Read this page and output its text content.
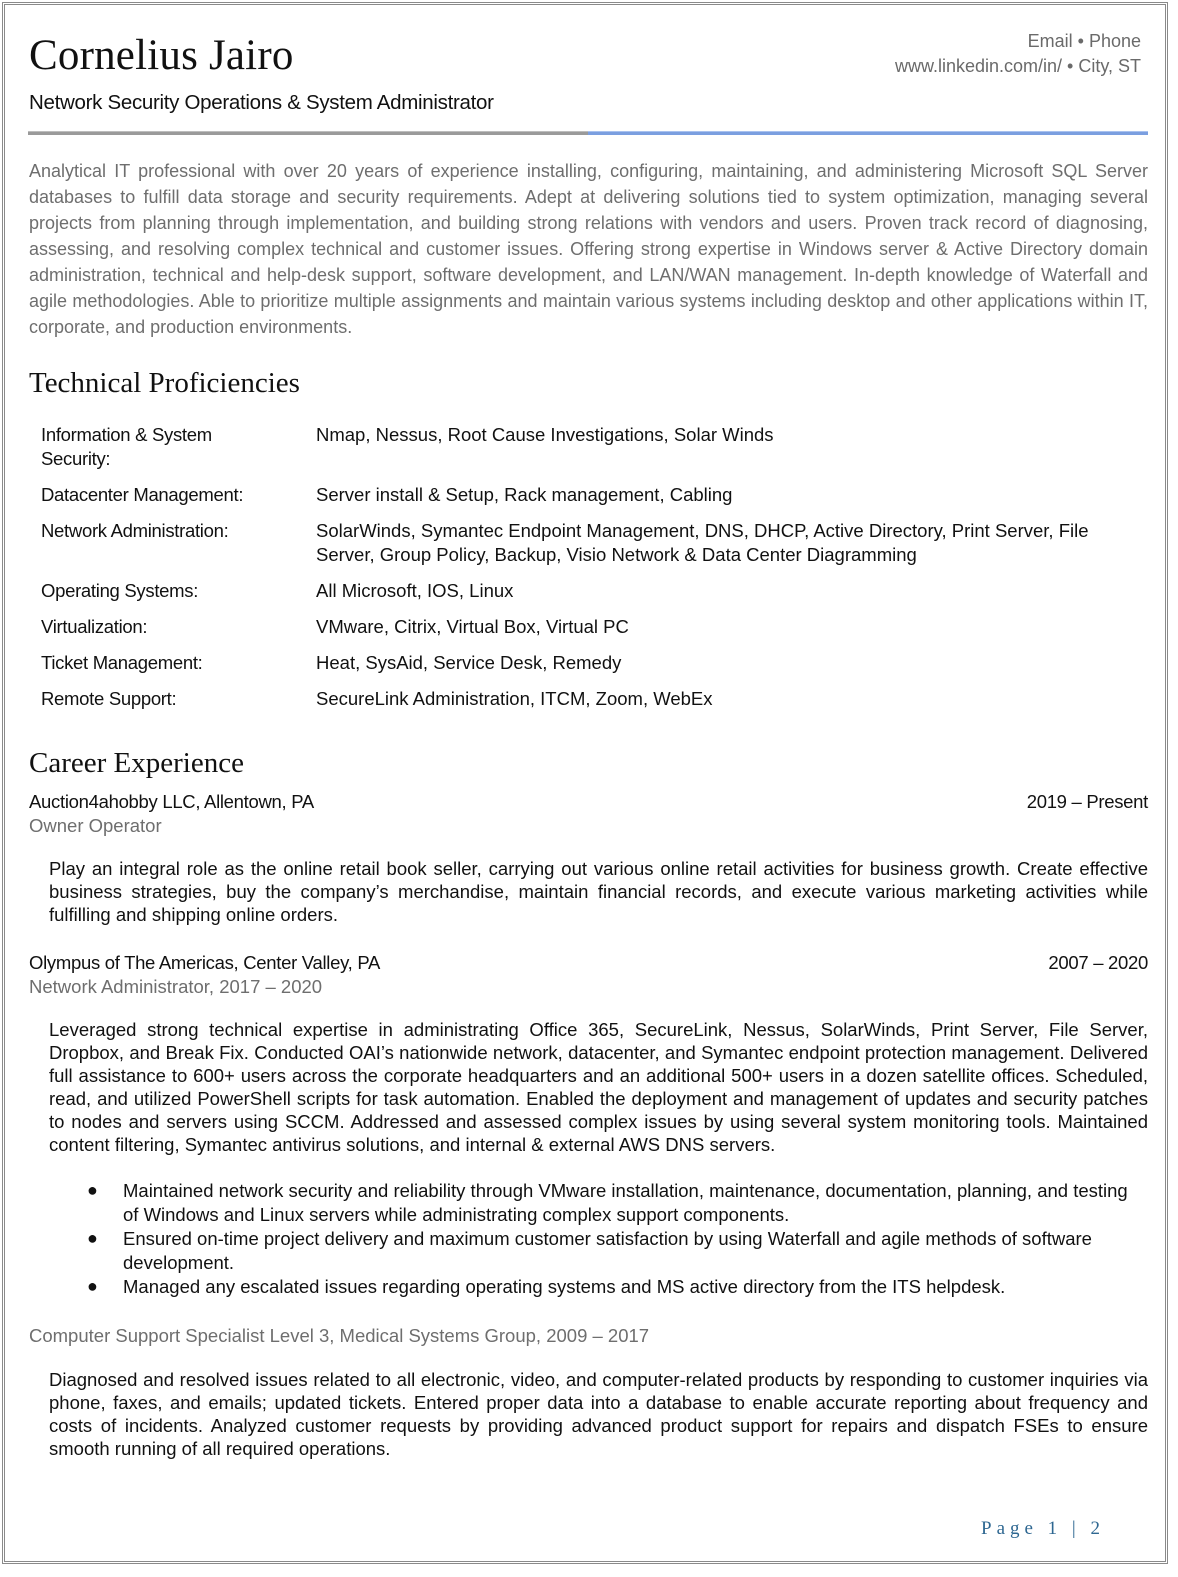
Cornelius Jairo
Network Security Operations & System Administrator
Email • Phone
www.linkedin.com/in/ • City, ST
Analytical IT professional with over 20 years of experience installing, configuring, maintaining, and administering Microsoft SQL Server databases to fulfill data storage and security requirements. Adept at delivering solutions tied to system optimization, managing several projects from planning through implementation, and building strong relations with vendors and users. Proven track record of diagnosing, assessing, and resolving complex technical and customer issues. Offering strong expertise in Windows server & Active Directory domain administration, technical and help-desk support, software development, and LAN/WAN management. In-depth knowledge of Waterfall and agile methodologies. Able to prioritize multiple assignments and maintain various systems including desktop and other applications within IT, corporate, and production environments.
Technical Proficiencies
Information & System Security:
Nmap, Nessus, Root Cause Investigations, Solar Winds
Datacenter Management:	Server install & Setup, Rack management, Cabling
Network Administration:	SolarWinds, Symantec Endpoint Management, DNS, DHCP, Active Directory, Print Server, File Server, Group Policy, Backup, Visio Network & Data Center Diagramming
Operating Systems:	All Microsoft, IOS, Linux
Virtualization:	VMware, Citrix, Virtual Box, Virtual PC
Ticket Management:	Heat, SysAid, Service Desk, Remedy
Remote Support:	SecureLink Administration, ITCM, Zoom, WebEx
Career Experience
Auction4ahobby LLC, Allentown, PA	2019 – Present
Owner Operator
Play an integral role as the online retail book seller, carrying out various online retail activities for business growth. Create effective business strategies, buy the company’s merchandise, maintain financial records, and execute various marketing activities while fulfilling and shipping online orders.
Olympus of The Americas, Center Valley, PA	2007 – 2020
Network Administrator, 2017 – 2020
Leveraged strong technical expertise in administrating Office 365, SecureLink, Nessus, SolarWinds, Print Server, File Server, Dropbox, and Break Fix. Conducted OAI’s nationwide network, datacenter, and Symantec endpoint protection management. Delivered full assistance to 600+ users across the corporate headquarters and an additional 500+ users in a dozen satellite offices. Scheduled, read, and utilized PowerShell scripts for task automation. Enabled the deployment and management of updates and security patches to nodes and servers using SCCM. Addressed and assessed complex issues by using several system monitoring tools. Maintained content filtering, Symantec antivirus solutions, and internal & external AWS DNS servers.
● Maintained network security and reliability through VMware installation, maintenance, documentation, planning, and testing of Windows and Linux servers while administrating complex support components.
● Ensured on-time project delivery and maximum customer satisfaction by using Waterfall and agile methods of software development.
● Managed any escalated issues regarding operating systems and MS active directory from the ITS helpdesk.
Computer Support Specialist Level 3, Medical Systems Group, 2009 – 2017
Diagnosed and resolved issues related to all electronic, video, and computer-related products by responding to customer inquiries via phone, faxes, and emails; updated tickets. Entered proper data into a database to enable accurate reporting about frequency and costs of incidents. Analyzed customer requests by providing advanced product support for repairs and dispatch FSEs to ensure smooth running of all required operations.
Page 1 | 2
